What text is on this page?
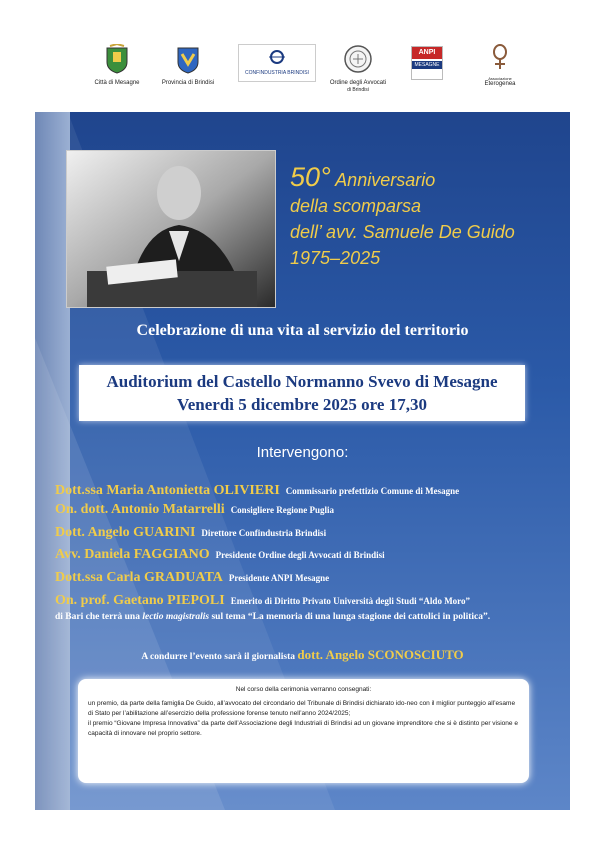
Città di Mesagne	Provincia di Brindisi
CONFINDUSTRIA BRINDISI
Ordine degli Avvocati
di Brindisi
ANPI
MESAGNE
Associazione
Eterogenea
50° Anniversario
della scomparsa
dell’ avv. Samuele De Guido
1975–2025
Celebrazione di una vita al servizio del territorio
Auditorium del Castello Normanno Svevo di Mesagne
Venerdì 5 dicembre 2025 ore 17,30
Intervengono:
Dott.ssa Maria Antonietta OLIVIERI Commissario prefettizio Comune di Mesagne
On. dott. Antonio Matarrelli Consigliere Regione Puglia
Dott. Angelo GUARINI Direttore Confindustria Brindisi
Avv. Daniela FAGGIANO Presidente Ordine degli Avvocati di Brindisi
Dott.ssa Carla GRADUATA Presidente ANPI Mesagne
On. prof. Gaetano PIEPOLI Emerito di Diritto Privato Università degli Studi “Aldo Moro”
di Bari che terrà una lectio magistralis sul tema “La memoria di una lunga stagione dei cattolici in politica”.
A condurre l’evento sarà il giornalista dott. Angelo SCONOSCIUTO
Nel corso della cerimonia verranno consegnati:
un premio, da parte della famiglia De Guido, all’avvocato del circondario del Tribunale di Brindisi dichiarato ido-neo con il miglior punteggio all’esame di Stato per l’abilitazione all’esercizio della professione forense tenuto nell’anno 2024/2025;
il premio “Giovane Impresa Innovativa” da parte dell’Associazione degli Industriali di Brindisi ad un giovane imprenditore che si è distinto per visione e capacità di innovare nel proprio settore.
